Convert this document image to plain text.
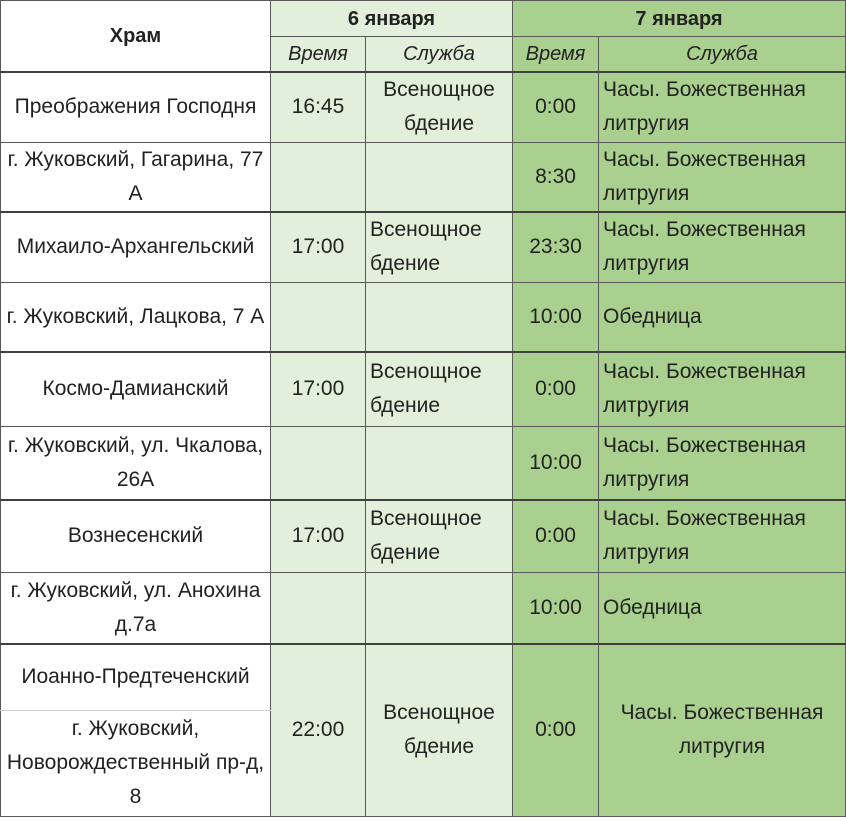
Храм	6 января		7 января	
	Время	Служба	Время	Служба
Преображения Господня	16:45	Всенощное бдение	0:00	Часы. Божественная литругия
г. Жуковский, Гагарина, 77 А			8:30	Часы. Божественная литругия
Михаило-Архангельский	17:00	Всенощное бдение	23:30	Часы. Божественная литругия
г. Жуковский, Лацкова, 7 А			10:00	Обедница
Космо-Дамианский	17:00	Всенощное бдение	0:00	Часы. Божественная литругия
г. Жуковский, ул. Чкалова, 26А			10:00	Часы. Божественная литругия
Вознесенский	17:00	Всенощное бдение	0:00	Часы. Божественная литругия
г. Жуковский, ул. Анохина д.7а			10:00	Обедница
Иоанно-Предтеченский	22:00	Всенощное бдение	0:00	Часы. Божественная литругия
г. Жуковский, Новорождественный пр-д, 8				
